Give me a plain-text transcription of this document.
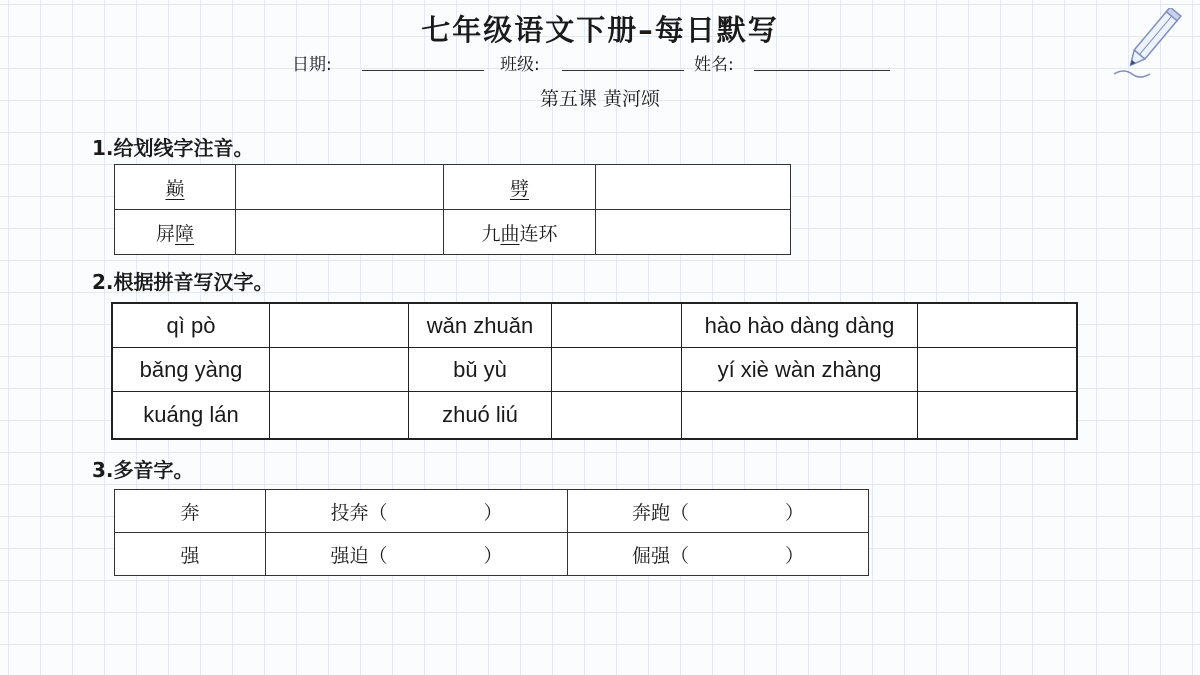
七年级语文下册–每日默写
日期:	班级:	姓名:
第五课 黄河颂
1.给划线字注音。
巅		劈	
屏障		九曲连环	
2.根据拼音写汉字。
qì pò		wǎn zhuǎn		hào hào dàng dàng	
bǎng yàng		bǔ yù		yí xiè wàn zhàng	
kuáng lán		zhuó liú			
3.多音字。
奔	投奔（ ）	奔跑（ ）
强	强迫（ ）	倔强（ ）
